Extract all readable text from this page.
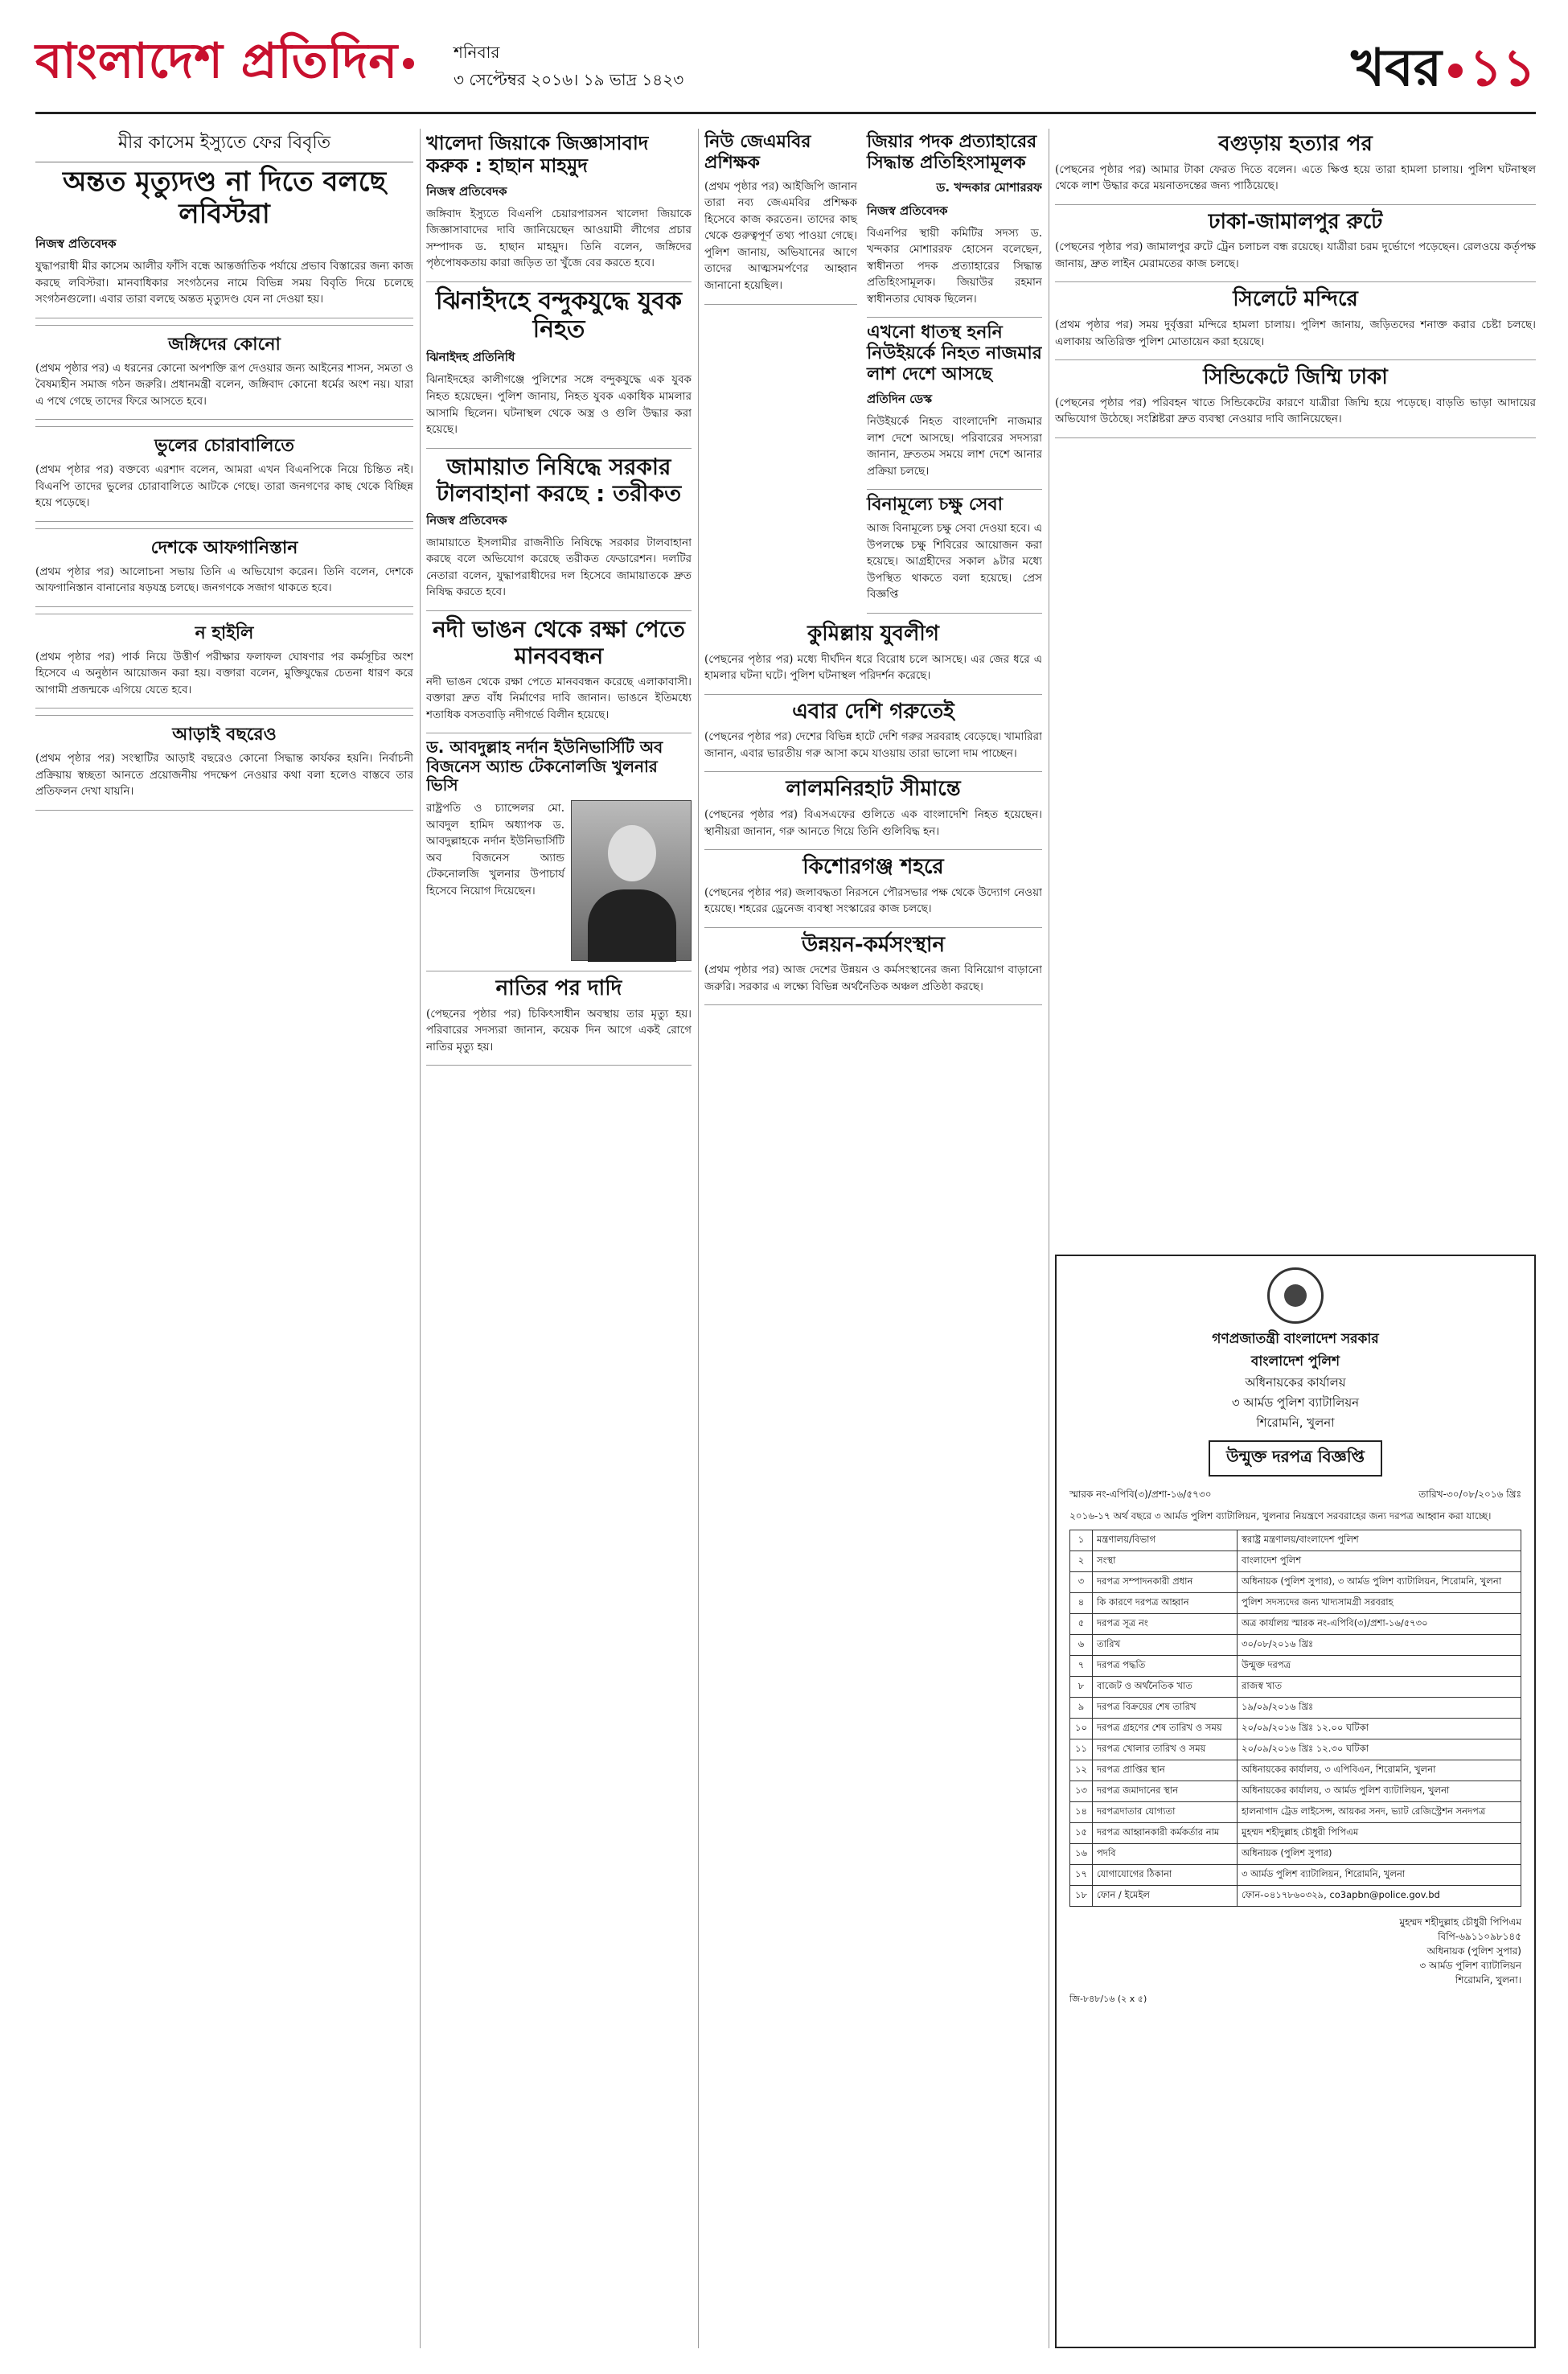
বাংলাদেশ প্রতিদিন	শনিবার
৩ সেপ্টেম্বর ২০১৬। ১৯ ভাদ্র ১৪২৩	খবর ১১
মীর কাসেম ইস্যুতে ফের বিবৃতি
অন্তত মৃত্যুদণ্ড না দিতে বলছে লবিস্টরা
নিজস্ব প্রতিবেদক

যুদ্ধাপরাধী মীর কাসেম আলীর ফাঁসি বন্ধে আন্তর্জাতিক পর্যায়ে প্রভাব বিস্তারের জন্য কাজ করছে লবিস্টরা। মানবাধিকার সংগঠনের নামে বিভিন্ন সময় বিবৃতি দিয়ে চলেছে সংগঠনগুলো। এবার তারা বলছে অন্তত মৃত্যুদণ্ড যেন না দেওয়া হয়।

জঙ্গিদের কোনো

(প্রথম পৃষ্ঠার পর) এ ধরনের কোনো অপশক্তি রূপ দেওয়ার জন্য আইনের শাসন, সমতা ও বৈষম্যহীন সমাজ গঠন জরুরি। প্রধানমন্ত্রী বলেন, জঙ্গিবাদ কোনো ধর্মের অংশ নয়। যারা এ পথে গেছে তাদের ফিরে আসতে হবে।

ভুলের চোরাবালিতে

(প্রথম পৃষ্ঠার পর) বক্তব্যে এরশাদ বলেন, আমরা এখন বিএনপিকে নিয়ে চিন্তিত নই। বিএনপি তাদের ভুলের চোরাবালিতে আটকে গেছে। তারা জনগণের কাছ থেকে বিচ্ছিন্ন হয়ে পড়েছে।

দেশকে আফগানিস্তান

(প্রথম পৃষ্ঠার পর) আলোচনা সভায় তিনি এ অভিযোগ করেন। তিনি বলেন, দেশকে আফগানিস্তান বানানোর ষড়যন্ত্র চলছে। জনগণকে সজাগ থাকতে হবে।

ন হাইলি

(প্রথম পৃষ্ঠার পর) পার্ক নিয়ে উত্তীর্ণ পরীক্ষার ফলাফল ঘোষণার পর কর্মসূচির অংশ হিসেবে এ অনুষ্ঠান আয়োজন করা হয়। বক্তারা বলেন, মুক্তিযুদ্ধের চেতনা ধারণ করে আগামী প্রজন্মকে এগিয়ে যেতে হবে।

আড়াই বছরেও

(প্রথম পৃষ্ঠার পর) সংস্থাটির আড়াই বছরেও কোনো সিদ্ধান্ত কার্যকর হয়নি। নির্বাচনী প্রক্রিয়ায় স্বচ্ছতা আনতে প্রয়োজনীয় পদক্ষেপ নেওয়ার কথা বলা হলেও বাস্তবে তার প্রতিফলন দেখা যায়নি।

খালেদা জিয়াকে জিজ্ঞাসাবাদ করুক : হাছান মাহমুদ
নিজস্ব প্রতিবেদক

জঙ্গিবাদ ইস্যুতে বিএনপি চেয়ারপারসন খালেদা জিয়াকে জিজ্ঞাসাবাদের দাবি জানিয়েছেন আওয়ামী লীগের প্রচার সম্পাদক ড. হাছান মাহমুদ। তিনি বলেন, জঙ্গিদের পৃষ্ঠপোষকতায় কারা জড়িত তা খুঁজে বের করতে হবে।

ঝিনাইদহে বন্দুকযুদ্ধে যুবক নিহত
ঝিনাইদহ প্রতিনিধি

ঝিনাইদহের কালীগঞ্জে পুলিশের সঙ্গে বন্দুকযুদ্ধে এক যুবক নিহত হয়েছেন। পুলিশ জানায়, নিহত যুবক একাধিক মামলার আসামি ছিলেন। ঘটনাস্থল থেকে অস্ত্র ও গুলি উদ্ধার করা হয়েছে।

জামায়াত নিষিদ্ধে সরকার টালবাহানা করছে : তরীকত
নিজস্ব প্রতিবেদক

জামায়াতে ইসলামীর রাজনীতি নিষিদ্ধে সরকার টালবাহানা করছে বলে অভিযোগ করেছে তরীকত ফেডারেশন। দলটির নেতারা বলেন, যুদ্ধাপরাধীদের দল হিসেবে জামায়াতকে দ্রুত নিষিদ্ধ করতে হবে।

নদী ভাঙন থেকে রক্ষা পেতে মানববন্ধন

নদী ভাঙন থেকে রক্ষা পেতে মানববন্ধন করেছে এলাকাবাসী। বক্তারা দ্রুত বাঁধ নির্মাণের দাবি জানান। ভাঙনে ইতিমধ্যে শতাধিক বসতবাড়ি নদীগর্ভে বিলীন হয়েছে।

ড. আবদুল্লাহ নর্দান ইউনিভার্সিটি অব বিজনেস অ্যান্ড টেকনোলজি খুলনার ভিসি

রাষ্ট্রপতি ও চ্যান্সেলর মো. আবদুল হামিদ অধ্যাপক ড. আবদুল্লাহকে নর্দান ইউনিভার্সিটি অব বিজনেস অ্যান্ড টেকনোলজি খুলনার উপাচার্য হিসেবে নিয়োগ দিয়েছেন।

নাতির পর দাদি

(পেছনের পৃষ্ঠার পর) চিকিৎসাধীন অবস্থায় তার মৃত্যু হয়। পরিবারের সদস্যরা জানান, কয়েক দিন আগে একই রোগে নাতির মৃত্যু হয়।

নিউ জেএমবির প্রশিক্ষক

(প্রথম পৃষ্ঠার পর) আইজিপি জানান তারা নব্য জেএমবির প্রশিক্ষক হিসেবে কাজ করতেন। তাদের কাছ থেকে গুরুত্বপূর্ণ তথ্য পাওয়া গেছে। পুলিশ জানায়, অভিযানের আগে তাদের আত্মসমর্পণের আহ্বান জানানো হয়েছিল।

জিয়ার পদক প্রত্যাহারের সিদ্ধান্ত প্রতিহিংসামূলক
ড. খন্দকার মোশাররফ
নিজস্ব প্রতিবেদক

বিএনপির স্থায়ী কমিটির সদস্য ড. খন্দকার মোশাররফ হোসেন বলেছেন, স্বাধীনতা পদক প্রত্যাহারের সিদ্ধান্ত প্রতিহিংসামূলক। জিয়াউর রহমান স্বাধীনতার ঘোষক ছিলেন।

এখনো ধাতস্থ হননি নিউইয়র্কে নিহত নাজমার লাশ দেশে আসছে
প্রতিদিন ডেস্ক

নিউইয়র্কে নিহত বাংলাদেশি নাজমার লাশ দেশে আসছে। পরিবারের সদস্যরা জানান, দ্রুততম সময়ে লাশ দেশে আনার প্রক্রিয়া চলছে।

বিনামূল্যে চক্ষু সেবা

আজ বিনামূল্যে চক্ষু সেবা দেওয়া হবে। এ উপলক্ষে চক্ষু শিবিরের আয়োজন করা হয়েছে। আগ্রহীদের সকাল ৯টার মধ্যে উপস্থিত থাকতে বলা হয়েছে। প্রেস বিজ্ঞপ্তি

কুমিল্লায় যুবলীগ

(পেছনের পৃষ্ঠার পর) মধ্যে দীর্ঘদিন ধরে বিরোধ চলে আসছে। এর জের ধরে এ হামলার ঘটনা ঘটে। পুলিশ ঘটনাস্থল পরিদর্শন করেছে।

এবার দেশি গরুতেই

(পেছনের পৃষ্ঠার পর) দেশের বিভিন্ন হাটে দেশি গরুর সরবরাহ বেড়েছে। খামারিরা জানান, এবার ভারতীয় গরু আসা কমে যাওয়ায় তারা ভালো দাম পাচ্ছেন।

লালমনিরহাট সীমান্তে

(পেছনের পৃষ্ঠার পর) বিএসএফের গুলিতে এক বাংলাদেশি নিহত হয়েছেন। স্থানীয়রা জানান, গরু আনতে গিয়ে তিনি গুলিবিদ্ধ হন।

কিশোরগঞ্জ শহরে

(পেছনের পৃষ্ঠার পর) জলাবদ্ধতা নিরসনে পৌরসভার পক্ষ থেকে উদ্যোগ নেওয়া হয়েছে। শহরের ড্রেনেজ ব্যবস্থা সংস্কারের কাজ চলছে।

উন্নয়ন-কর্মসংস্থান

(প্রথম পৃষ্ঠার পর) আজ দেশের উন্নয়ন ও কর্মসংস্থানের জন্য বিনিয়োগ বাড়ানো জরুরি। সরকার এ লক্ষ্যে বিভিন্ন অর্থনৈতিক অঞ্চল প্রতিষ্ঠা করছে।

বগুড়ায় হত্যার পর

(পেছনের পৃষ্ঠার পর) আমার টাকা ফেরত দিতে বলেন। এতে ক্ষিপ্ত হয়ে তারা হামলা চালায়। পুলিশ ঘটনাস্থল থেকে লাশ উদ্ধার করে ময়নাতদন্তের জন্য পাঠিয়েছে।

ঢাকা-জামালপুর রুটে

(পেছনের পৃষ্ঠার পর) জামালপুর রুটে ট্রেন চলাচল বন্ধ রয়েছে। যাত্রীরা চরম দুর্ভোগে পড়েছেন। রেলওয়ে কর্তৃপক্ষ জানায়, দ্রুত লাইন মেরামতের কাজ চলছে।

সিলেটে মন্দিরে

(প্রথম পৃষ্ঠার পর) সময় দুর্বৃত্তরা মন্দিরে হামলা চালায়। পুলিশ জানায়, জড়িতদের শনাক্ত করার চেষ্টা চলছে। এলাকায় অতিরিক্ত পুলিশ মোতায়েন করা হয়েছে।

সিন্ডিকেটে জিম্মি ঢাকা

(পেছনের পৃষ্ঠার পর) পরিবহন খাতে সিন্ডিকেটের কারণে যাত্রীরা জিম্মি হয়ে পড়েছে। বাড়তি ভাড়া আদায়ের অভিযোগ উঠেছে। সংশ্লিষ্টরা দ্রুত ব্যবস্থা নেওয়ার দাবি জানিয়েছেন।

গণপ্রজাতন্ত্রী বাংলাদেশ সরকার
বাংলাদেশ পুলিশ
অধিনায়কের কার্যালয়
৩ আর্মড পুলিশ ব্যাটালিয়ন
শিরোমনি, খুলনা
উন্মুক্ত দরপত্র বিজ্ঞপ্তি
স্মারক নং-এপিবি(৩)/প্রশা-১৬/৫৭৩০	তারিখ-৩০/০৮/২০১৬ খ্রিঃ

২০১৬-১৭ অর্থ বছরে ৩ আর্মড পুলিশ ব্যাটালিয়ন, খুলনার নিয়ন্ত্রণে সরবরাহের জন্য দরপত্র আহ্বান করা যাচ্ছে।

১	মন্ত্রণালয়/বিভাগ	স্বরাষ্ট্র মন্ত্রণালয়/বাংলাদেশ পুলিশ
২	সংস্থা	বাংলাদেশ পুলিশ
৩	দরপত্র সম্পাদনকারী প্রধান	অধিনায়ক (পুলিশ সুপার), ৩ আর্মড পুলিশ ব্যাটালিয়ন, শিরোমনি, খুলনা
৪	কি কারণে দরপত্র আহ্বান	পুলিশ সদস্যদের জন্য খাদ্যসামগ্রী সরবরাহ
৫	দরপত্র সূত্র নং	অত্র কার্যালয় স্মারক নং-এপিবি(৩)/প্রশা-১৬/৫৭৩০
৬	তারিখ	৩০/০৮/২০১৬ খ্রিঃ
৭	দরপত্র পদ্ধতি	উন্মুক্ত দরপত্র
৮	বাজেট ও অর্থনৈতিক খাত	রাজস্ব খাত
৯	দরপত্র বিক্রয়ের শেষ তারিখ	১৯/০৯/২০১৬ খ্রিঃ
১০	দরপত্র গ্রহণের শেষ তারিখ ও সময়	২০/০৯/২০১৬ খ্রিঃ ১২.০০ ঘটিকা
১১	দরপত্র খোলার তারিখ ও সময়	২০/০৯/২০১৬ খ্রিঃ ১২.৩০ ঘটিকা
১২	দরপত্র প্রাপ্তির স্থান	অধিনায়কের কার্যালয়, ৩ এপিবিএন, শিরোমনি, খুলনা
১৩	দরপত্র জমাদানের স্থান	অধিনায়কের কার্যালয়, ৩ আর্মড পুলিশ ব্যাটালিয়ন, খুলনা
১৪	দরপত্রদাতার যোগ্যতা	হালনাগাদ ট্রেড লাইসেন্স, আয়কর সনদ, ভ্যাট রেজিস্ট্রেশন সনদপত্র
১৫	দরপত্র আহ্বানকারী কর্মকর্তার নাম	মুহম্মদ শহীদুল্লাহ চৌধুরী পিপিএম
১৬	পদবি	অধিনায়ক (পুলিশ সুপার)
১৭	যোগাযোগের ঠিকানা	৩ আর্মড পুলিশ ব্যাটালিয়ন, শিরোমনি, খুলনা
১৮	ফোন / ইমেইল	ফোন-০৪১৭৮৬০৩২৯, co3apbn@police.gov.bd
মুহম্মদ শহীদুল্লাহ চৌধুরী পিপিএম
বিপি-৬৯১১০৯৮১৪৫
অধিনায়ক (পুলিশ সুপার)
৩ আর্মড পুলিশ ব্যাটালিয়ন
শিরোমনি, খুলনা।
জি-৮৪৮/১৬ (২ x ৫)
